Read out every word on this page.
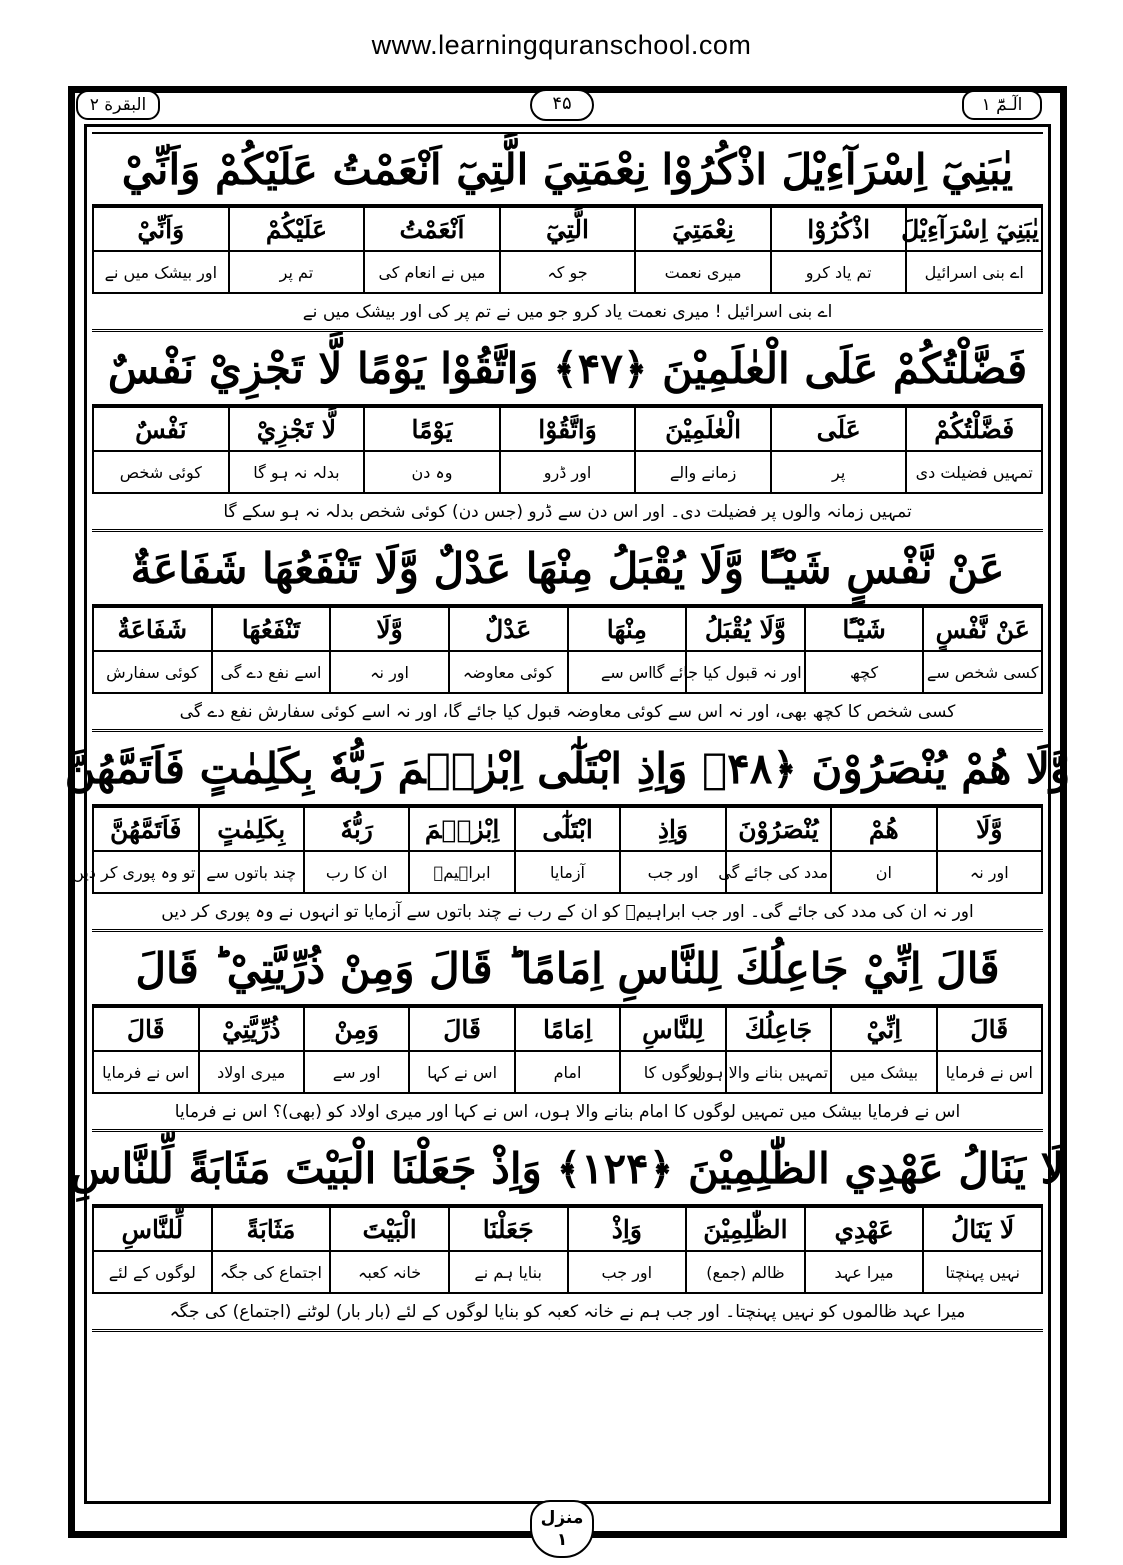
www.learningquranschool.com
البقرة ۲	۴۵	الٓـمّٓ ۱
يٰبَنِيٓ اِسْرَآءِيْلَ اذْكُرُوْا نِعْمَتِيَ الَّتِيٓ اَنْعَمْتُ عَلَيْكُمْ وَاَنِّيْ
يٰبَنِيٓ اِسْرَآءِيْلَ	اذْكُرُوْا	نِعْمَتِيَ	الَّتِيٓ	اَنْعَمْتُ	عَلَيْكُمْ	وَاَنِّيْ
اے بنی اسرائیل	تم یاد کرو	میری نعمت	جو کہ	میں نے انعام کی	تم پر	اور بیشک میں نے
اے بنی اسرائیل ! میری نعمت یاد کرو جو میں نے تم پر کی اور بیشک میں نے
فَضَّلْتُكُمْ عَلَى الْعٰلَمِيْنَ ﴿۴۷﴾ وَاتَّقُوْا يَوْمًا لَّا تَجْزِيْ نَفْسٌ
فَضَّلْتُكُمْ	عَلَى	الْعٰلَمِيْنَ	وَاتَّقُوْا	يَوْمًا	لَّا تَجْزِيْ	نَفْسٌ
تمہیں فضیلت دی	پر	زمانے والے	اور ڈرو	وہ دن	بدلہ نہ ہو گا	کوئی شخص
تمہیں زمانہ والوں پر فضیلت دی۔ اور اس دن سے ڈرو (جس دن) کوئی شخص بدلہ نہ ہو سکے گا
عَنْ نَّفْسٍ شَيْـًٔا وَّلَا يُقْبَلُ مِنْهَا عَدْلٌ وَّلَا تَنْفَعُهَا شَفَاعَةٌ
عَنْ نَّفْسٍ	شَيْـًٔا	وَّلَا يُقْبَلُ	مِنْهَا	عَدْلٌ	وَّلَا	تَنْفَعُهَا	شَفَاعَةٌ
کسی شخص سے	کچھ	اور نہ قبول کیا جائے گا	اس سے	کوئی معاوضہ	اور نہ	اسے نفع دے گی	کوئی سفارش
کسی شخص کا کچھ بھی، اور نہ اس سے کوئی معاوضہ قبول کیا جائے گا، اور نہ اسے کوئی سفارش نفع دے گی
وَّلَا هُمْ يُنْصَرُوْنَ ﴿۴۸﴾ وَاِذِ ابْتَلٰٓى اِبْرٰهٖمَ رَبُّهٗ بِكَلِمٰتٍ فَاَتَمَّهُنَّ
وَّلَا	هُمْ	يُنْصَرُوْنَ	وَاِذِ	ابْتَلٰٓى	اِبْرٰهٖمَ	رَبُّهٗ	بِكَلِمٰتٍ	فَاَتَمَّهُنَّ
اور نہ	ان	مدد کی جائے گی	اور جب	آزمایا	ابراہیمؑ	ان کا رب	چند باتوں سے	تو وہ پوری کر دیں
اور نہ ان کی مدد کی جائے گی۔ اور جب ابراہیمؑ کو ان کے رب نے چند باتوں سے آزمایا تو انہوں نے وہ پوری کر دیں
قَالَ اِنِّيْ جَاعِلُكَ لِلنَّاسِ اِمَامًا ؕ قَالَ وَمِنْ ذُرِّيَّتِيْ ؕ قَالَ
قَالَ	اِنِّيْ	جَاعِلُكَ	لِلنَّاسِ	اِمَامًا	قَالَ	وَمِنْ	ذُرِّيَّتِيْ	قَالَ
اس نے فرمایا	بیشک میں	تمہیں بنانے والا ہوں	لوگوں کا	امام	اس نے کہا	اور سے	میری اولاد	اس نے فرمایا
اس نے فرمایا بیشک میں تمہیں لوگوں کا امام بنانے والا ہوں، اس نے کہا اور میری اولاد کو (بھی)؟ اس نے فرمایا
لَا يَنَالُ عَهْدِي الظّٰلِمِيْنَ ﴿۱۲۴﴾ وَاِذْ جَعَلْنَا الْبَيْتَ مَثَابَةً لِّلنَّاسِ
لَا يَنَالُ	عَهْدِي	الظّٰلِمِيْنَ	وَاِذْ	جَعَلْنَا	الْبَيْتَ	مَثَابَةً	لِّلنَّاسِ
نہیں پہنچتا	میرا عہد	ظالم (جمع)	اور جب	بنایا ہم نے	خانہ کعبہ	اجتماع کی جگہ	لوگوں کے لئے
میرا عہد ظالموں کو نہیں پہنچتا۔ اور جب ہم نے خانہ کعبہ کو بنایا لوگوں کے لئے (بار بار) لوٹنے (اجتماع) کی جگہ
منزل
۱
